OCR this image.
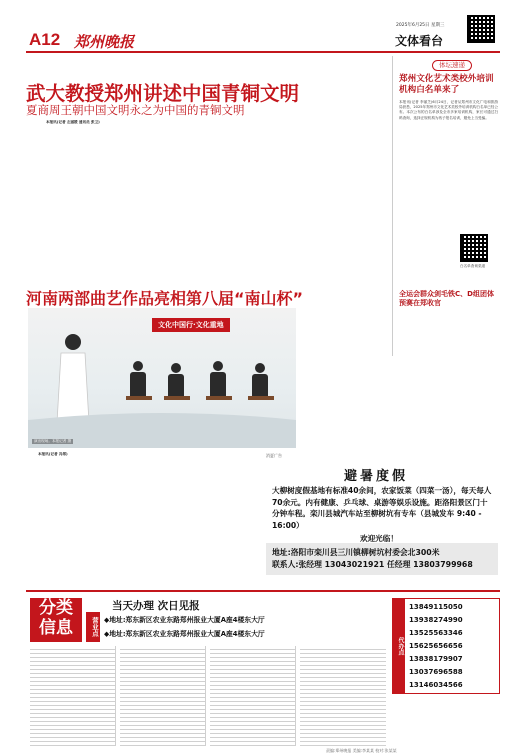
A12 郑州晚报
2025年6月25日 星期三
文体看台
武大教授郑州讲述中国青铜文明
夏商周王朝中国文明永之为中国的青铜文明
本报讯(记者 左丽媛 通讯员 张卫)
体坛速递
郑州文化艺术类校外培训机构白名单来了
本报讯(记者 李丽芝)6月24日，记者从郑州市文化广电和旅游局获悉，2025年郑州市文化艺术类校外培训机构白名单已经公布。本次公布的白名单涉及全市多家培训机构，家长可通过扫码查询，选择正规机构为孩子报名培训，避免上当受骗。
白名单查询渠道
全运会群众剑毛铁C、D组团体预赛在郑收官
河南两部曲艺作品亮相第八届“南山杯”
文化中国行·文化重地
演出现场。本报记者 摄
本报讯(记者 冯翠)	消夏广告
避暑度假
大柳树度假基地有标准40余间，农家饭菜（四菜一汤），每天每人70余元。内有健康、乒乓球、桌游等娱乐设施。距洛阳景区门十分钟车程。栾川县城汽车站至柳树坑有专车（县城发车 9:40 - 16:00）
欢迎光临！
地址:洛阳市栾川县三川镇柳树坑村委会北300米
联系人:张经理 13043021921 任经理 13803799968
分类
信息
当天办理 次日见报
营业点 ◆地址:郑东新区农业东路郑州报业大厦A座4楼东大厅
◆地址:郑东新区农业东路郑州报业大厦A座4楼东大厅
代办点
13849115050
13938274990
13525563346
15625656656
13838179907
13037696588
13146034566
责编:郑州晚报 美编:李某某 校对:张某某
